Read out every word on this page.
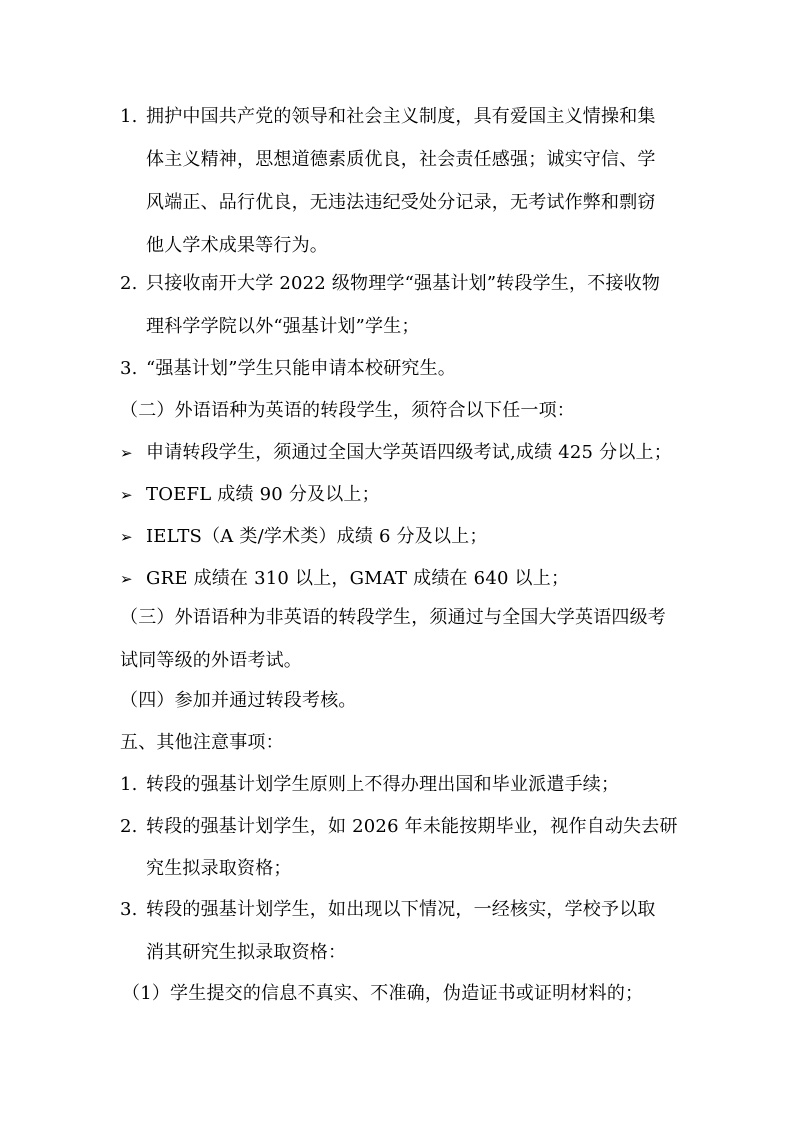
1. 拥护中国共产党的领导和社会主义制度，具有爱国主义情操和集
体主义精神，思想道德素质优良，社会责任感强；诚实守信、学
风端正、品行优良，无违法违纪受处分记录，无考试作弊和剽窃
他人学术成果等行为。
2. 只接收南开大学 2022 级物理学“强基计划”转段学生，不接收物
理科学学院以外“强基计划”学生；
3. “强基计划”学生只能申请本校研究生。
（二）外语语种为英语的转段学生，须符合以下任一项：
➢ 申请转段学生，须通过全国大学英语四级考试,成绩 425 分以上；
➢ TOEFL 成绩 90 分及以上；
➢ IELTS（A 类/学术类）成绩 6 分及以上；
➢ GRE 成绩在 310 以上，GMAT 成绩在 640 以上；
（三）外语语种为非英语的转段学生，须通过与全国大学英语四级考
试同等级的外语考试。
（四）参加并通过转段考核。
五、其他注意事项：
1. 转段的强基计划学生原则上不得办理出国和毕业派遣手续；
2. 转段的强基计划学生，如 2026 年未能按期毕业，视作自动失去研
究生拟录取资格；
3. 转段的强基计划学生，如出现以下情况，一经核实，学校予以取
消其研究生拟录取资格：
（1）学生提交的信息不真实、不准确，伪造证书或证明材料的；
